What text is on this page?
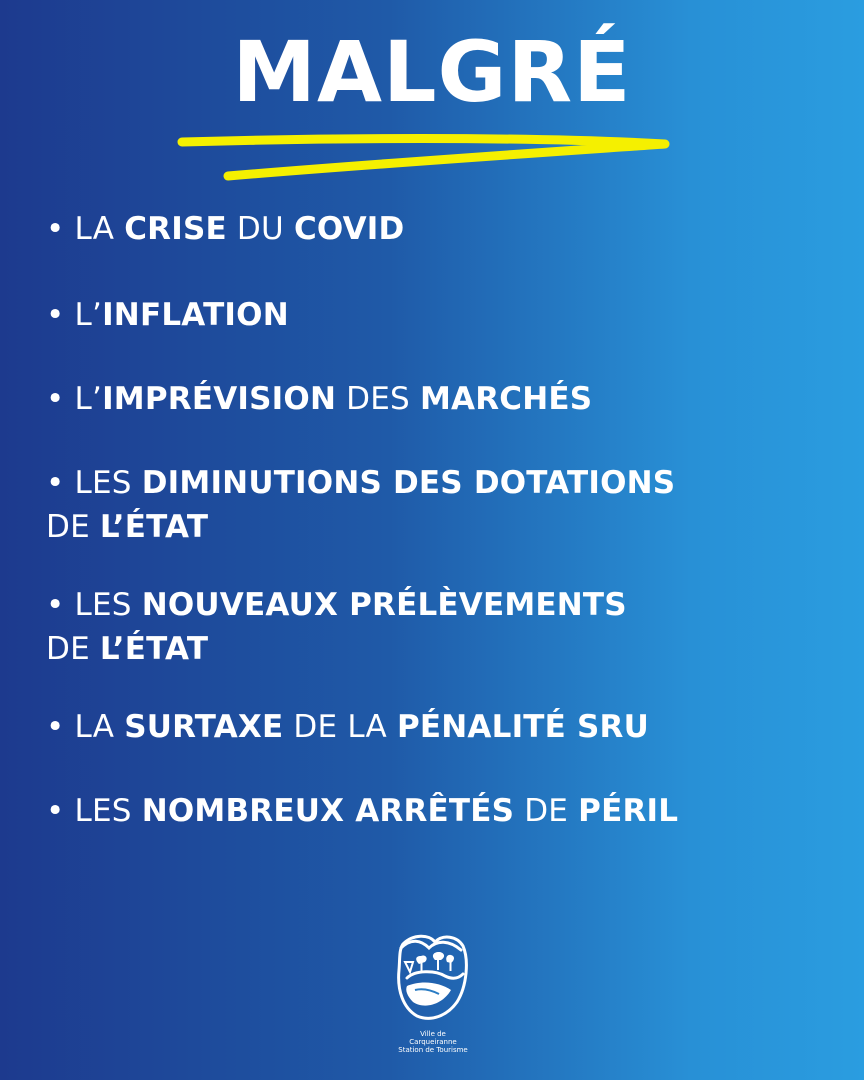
MALGRÉ
• LA CRISE DU COVID
• L’INFLATION
• L’IMPRÉVISION DES MARCHÉS
• LES DIMINUTIONS DES DOTATIONS
DE L’ÉTAT
• LES NOUVEAUX PRÉLÈVEMENTS
DE L’ÉTAT
• LA SURTAXE DE LA PÉNALITÉ SRU
• LES NOMBREUX ARRÊTÉS DE PÉRIL
Ville de
Carqueiranne
Station de Tourisme
